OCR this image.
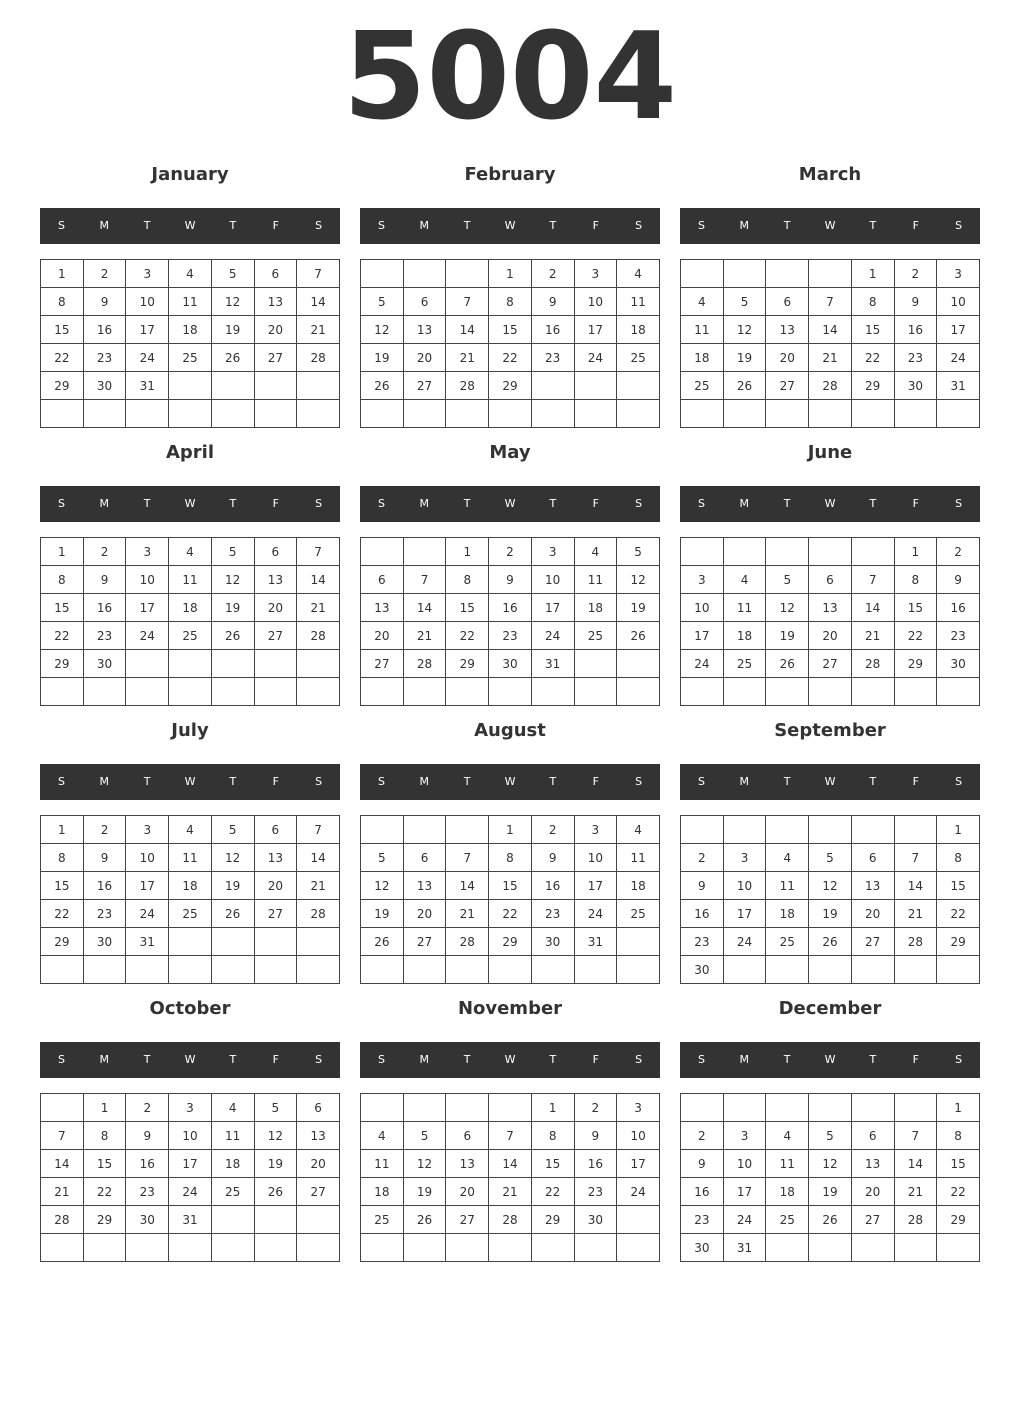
5004
January
S	M	T	W	T	F	S
1	2	3	4	5	6	7
8	9	10	11	12	13	14
15	16	17	18	19	20	21
22	23	24	25	26	27	28
29	30	31				

February
S	M	T	W	T	F	S
			1	2	3	4
5	6	7	8	9	10	11
12	13	14	15	16	17	18
19	20	21	22	23	24	25
26	27	28	29			

March
S	M	T	W	T	F	S
				1	2	3
4	5	6	7	8	9	10
11	12	13	14	15	16	17
18	19	20	21	22	23	24
25	26	27	28	29	30	31

April
S	M	T	W	T	F	S
1	2	3	4	5	6	7
8	9	10	11	12	13	14
15	16	17	18	19	20	21
22	23	24	25	26	27	28
29	30					

May
S	M	T	W	T	F	S
		1	2	3	4	5
6	7	8	9	10	11	12
13	14	15	16	17	18	19
20	21	22	23	24	25	26
27	28	29	30	31		

June
S	M	T	W	T	F	S
					1	2
3	4	5	6	7	8	9
10	11	12	13	14	15	16
17	18	19	20	21	22	23
24	25	26	27	28	29	30

July
S	M	T	W	T	F	S
1	2	3	4	5	6	7
8	9	10	11	12	13	14
15	16	17	18	19	20	21
22	23	24	25	26	27	28
29	30	31				

August
S	M	T	W	T	F	S
			1	2	3	4
5	6	7	8	9	10	11
12	13	14	15	16	17	18
19	20	21	22	23	24	25
26	27	28	29	30	31	

September
S	M	T	W	T	F	S
						1
2	3	4	5	6	7	8
9	10	11	12	13	14	15
16	17	18	19	20	21	22
23	24	25	26	27	28	29
30						
October
S	M	T	W	T	F	S
	1	2	3	4	5	6
7	8	9	10	11	12	13
14	15	16	17	18	19	20
21	22	23	24	25	26	27
28	29	30	31			

November
S	M	T	W	T	F	S
				1	2	3
4	5	6	7	8	9	10
11	12	13	14	15	16	17
18	19	20	21	22	23	24
25	26	27	28	29	30	

December
S	M	T	W	T	F	S
						1
2	3	4	5	6	7	8
9	10	11	12	13	14	15
16	17	18	19	20	21	22
23	24	25	26	27	28	29
30	31					
